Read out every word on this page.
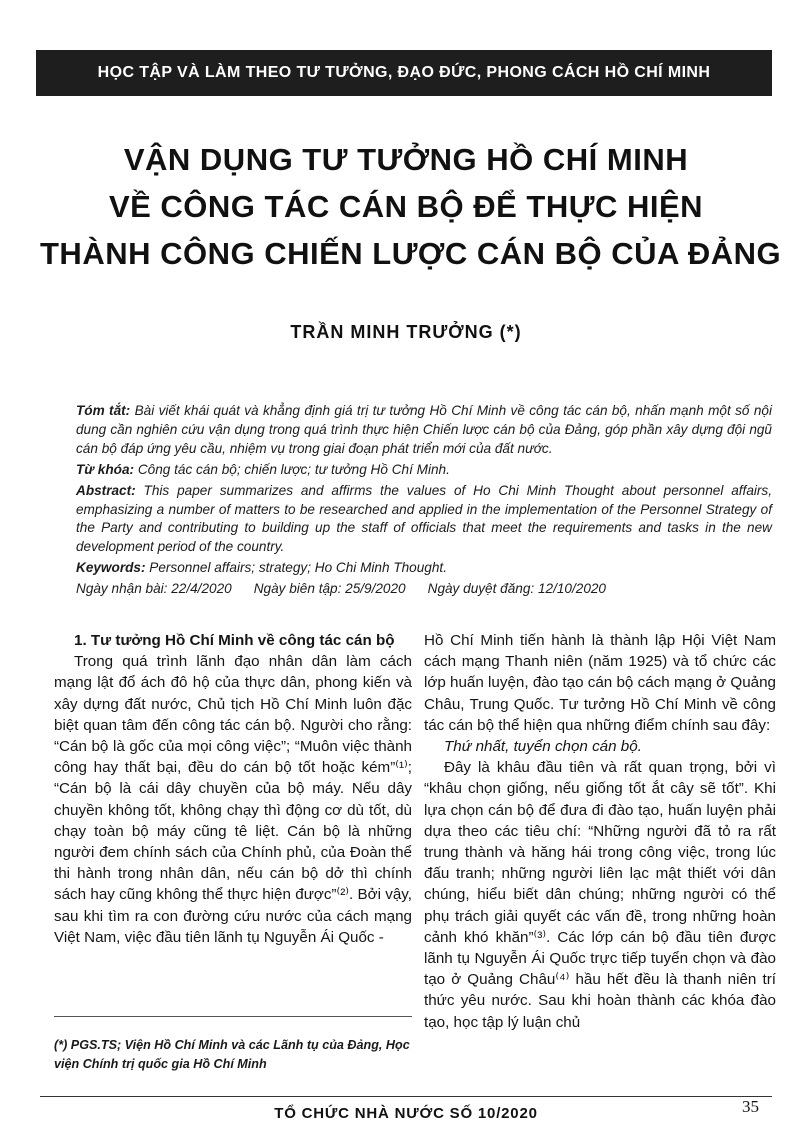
HỌC TẬP VÀ LÀM THEO TƯ TƯỞNG, ĐẠO ĐỨC, PHONG CÁCH HỒ CHÍ MINH
VẬN DỤNG TƯ TƯỞNG HỒ CHÍ MINH
VỀ CÔNG TÁC CÁN BỘ ĐỂ THỰC HIỆN
THÀNH CÔNG CHIẾN LƯỢC CÁN BỘ CỦA ĐẢNG
TRẦN MINH TRƯỞNG (*)

Tóm tắt: Bài viết khái quát và khẳng định giá trị tư tưởng Hồ Chí Minh về công tác cán bộ, nhấn mạnh một số nội dung cần nghiên cứu vận dụng trong quá trình thực hiện Chiến lược cán bộ của Đảng, góp phần xây dựng đội ngũ cán bộ đáp ứng yêu cầu, nhiệm vụ trong giai đoạn phát triển mới của đất nước.

Từ khóa: Công tác cán bộ; chiến lược; tư tưởng Hồ Chí Minh.

Abstract: This paper summarizes and affirms the values of Ho Chi Minh Thought about personnel affairs, emphasizing a number of matters to be researched and applied in the implementation of the Personnel Strategy of the Party and contributing to building up the staff of officials that meet the requirements and tasks in the new development period of the country.

Keywords: Personnel affairs; strategy; Ho Chi Minh Thought.

Ngày nhận bài: 22/4/2020 Ngày biên tập: 25/9/2020 Ngày duyệt đăng: 12/10/2020

1. Tư tưởng Hồ Chí Minh về công tác cán bộ

Trong quá trình lãnh đạo nhân dân làm cách mạng lật đổ ách đô hộ của thực dân, phong kiến và xây dựng đất nước, Chủ tịch Hồ Chí Minh luôn đặc biệt quan tâm đến công tác cán bộ. Người cho rằng: “Cán bộ là gốc của mọi công việc”; “Muôn việc thành công hay thất bại, đều do cán bộ tốt hoặc kém”⁽¹⁾; “Cán bộ là cái dây chuyền của bộ máy. Nếu dây chuyền không tốt, không chạy thì động cơ dù tốt, dù chạy toàn bộ máy cũng tê liệt. Cán bộ là những người đem chính sách của Chính phủ, của Đoàn thể thi hành trong nhân dân, nếu cán bộ dở thì chính sách hay cũng không thể thực hiện được”⁽²⁾. Bởi vậy, sau khi tìm ra con đường cứu nước của cách mạng Việt Nam, việc đầu tiên lãnh tụ Nguyễn Ái Quốc -

Hồ Chí Minh tiến hành là thành lập Hội Việt Nam cách mạng Thanh niên (năm 1925) và tổ chức các lớp huấn luyện, đào tạo cán bộ cách mạng ở Quảng Châu, Trung Quốc. Tư tưởng Hồ Chí Minh về công tác cán bộ thể hiện qua những điểm chính sau đây:

Thứ nhất, tuyển chọn cán bộ.

Đây là khâu đầu tiên và rất quan trọng, bởi vì “khâu chọn giống, nếu giống tốt ắt cây sẽ tốt”. Khi lựa chọn cán bộ để đưa đi đào tạo, huấn luyện phải dựa theo các tiêu chí: “Những người đã tỏ ra rất trung thành và hăng hái trong công việc, trong lúc đấu tranh; những người liên lạc mật thiết với dân chúng, hiểu biết dân chúng; những người có thể phụ trách giải quyết các vấn đề, trong những hoàn cảnh khó khăn”⁽³⁾. Các lớp cán bộ đầu tiên được lãnh tụ Nguyễn Ái Quốc trực tiếp tuyển chọn và đào tạo ở Quảng Châu⁽⁴⁾ hầu hết đều là thanh niên trí thức yêu nước. Sau khi hoàn thành các khóa đào tạo, học tập lý luận chủ

(*) PGS.TS; Viện Hồ Chí Minh và các Lãnh tụ của Đảng, Học viện Chính trị quốc gia Hồ Chí Minh
TỔ CHỨC NHÀ NƯỚC SỐ 10/2020	35
